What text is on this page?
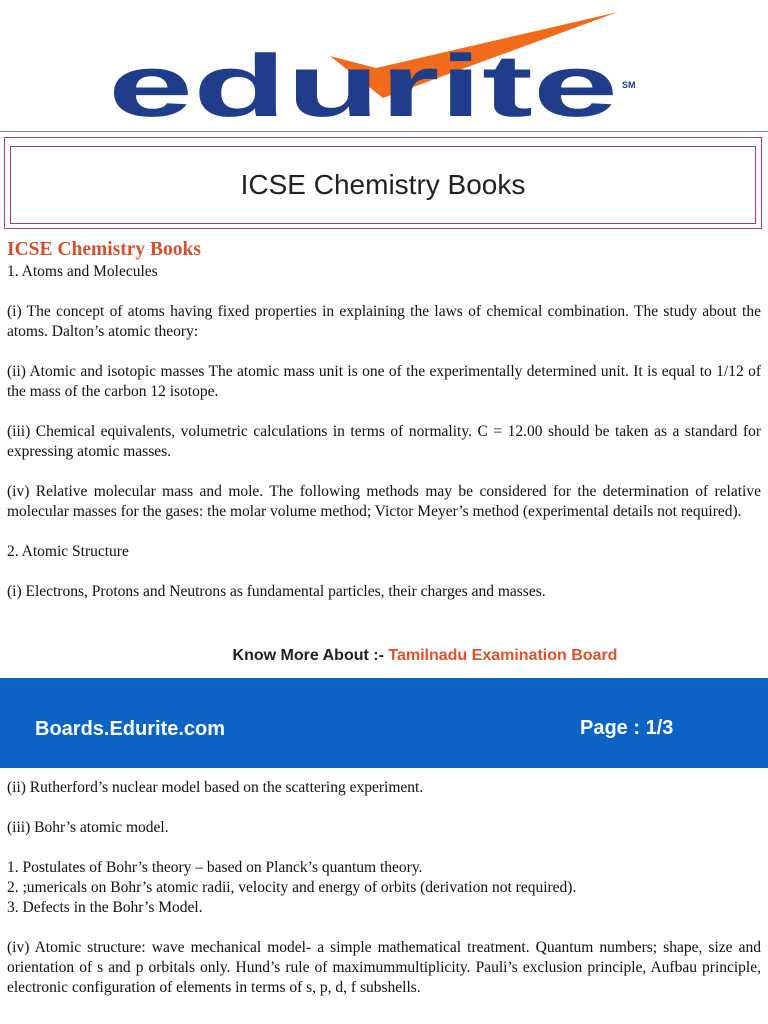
edurite SM
ICSE Chemistry Books

ICSE Chemistry Books

1. Atoms and Molecules

(i) The concept of atoms having fixed properties in explaining the laws of chemical combination. The study about the atoms. Dalton’s atomic theory:

(ii) Atomic and isotopic masses The atomic mass unit is one of the experimentally determined unit. It is equal to 1/12 of the mass of the carbon 12 isotope.

(iii) Chemical equivalents, volumetric calculations in terms of normality. C = 12.00 should be taken as a standard for expressing atomic masses.

(iv) Relative molecular mass and mole. The following methods may be considered for the determination of relative molecular masses for the gases: the molar volume method; Victor Meyer’s method (experimental details not required).

2. Atomic Structure

(i) Electrons, Protons and Neutrons as fundamental particles, their charges and masses.

Know More About :- Tamilnadu Examination Board
Boards.Edurite.com	Page : 1/3

(ii) Rutherford’s nuclear model based on the scattering experiment.

(iii) Bohr’s atomic model.

1. Postulates of Bohr’s theory – based on Planck’s quantum theory.

2. ;umericals on Bohr’s atomic radii, velocity and energy of orbits (derivation not required).

3. Defects in the Bohr’s Model.

(iv) Atomic structure: wave mechanical model- a simple mathematical treatment. Quantum numbers; shape, size and orientation of s and p orbitals only. Hund’s rule of maximummultiplicity. Pauli’s exclusion principle, Aufbau principle, electronic configuration of elements in terms of s, p, d, f subshells.
